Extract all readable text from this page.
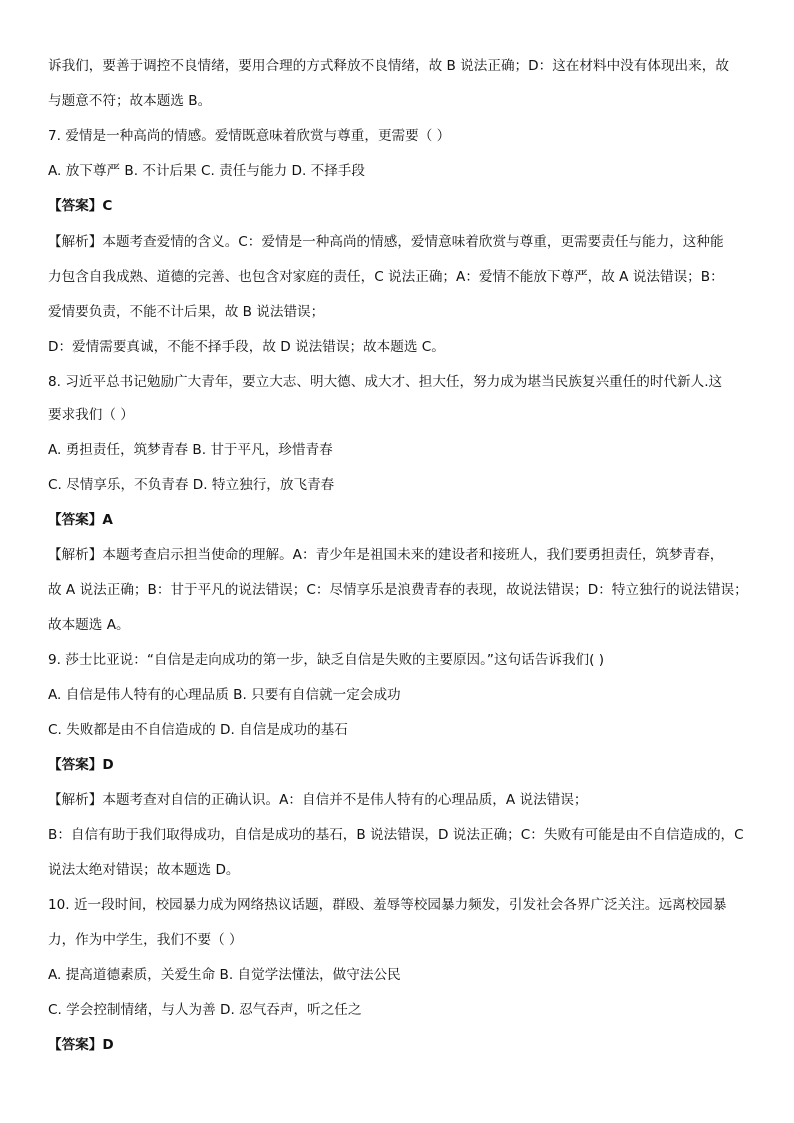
诉我们，要善于调控不良情绪，要用合理的方式释放不良情绪，故 B 说法正确；D：这在材料中没有体现出来，故
与题意不符；故本题选 B。
7. 爱情是一种高尚的情感。爱情既意味着欣赏与尊重，更需要（ ）
A. 放下尊严 B. 不计后果 C. 责任与能力 D. 不择手段
【答案】C
【解析】本题考查爱情的含义。C：爱情是一种高尚的情感，爱情意味着欣赏与尊重，更需要责任与能力，这种能
力包含自我成熟、道德的完善、也包含对家庭的责任，C 说法正确；A：爱情不能放下尊严，故 A 说法错误；B：
爱情要负责，不能不计后果，故 B 说法错误；
D：爱情需要真诚，不能不择手段，故 D 说法错误；故本题选 C。
8. 习近平总书记勉励广大青年，要立大志、明大德、成大才、担大任，努力成为堪当民族复兴重任的时代新人.这
要求我们（ ）
A. 勇担责任，筑梦青春 B. 甘于平凡，珍惜青春
C. 尽情享乐，不负青春 D. 特立独行，放飞青春
【答案】A
【解析】本题考查启示担当使命的理解。A：青少年是祖国未来的建设者和接班人，我们要勇担责任，筑梦青春，
故 A 说法正确；B：甘于平凡的说法错误；C：尽情享乐是浪费青春的表现，故说法错误；D：特立独行的说法错误；
故本题选 A。
9. 莎士比亚说：“自信是走向成功的第一步，缺乏自信是失败的主要原因。”这句话告诉我们( )
A. 自信是伟人特有的心理品质 B. 只要有自信就一定会成功
C. 失败都是由不自信造成的 D. 自信是成功的基石
【答案】D
【解析】本题考查对自信的正确认识。A：自信并不是伟人特有的心理品质，A 说法错误；
B：自信有助于我们取得成功，自信是成功的基石，B 说法错误，D 说法正确；C：失败有可能是由不自信造成的，C
说法太绝对错误；故本题选 D。
10. 近一段时间，校园暴力成为网络热议话题，群殴、羞辱等校园暴力频发，引发社会各界广泛关注。远离校园暴
力，作为中学生，我们不要（ ）
A. 提高道德素质，关爱生命 B. 自觉学法懂法，做守法公民
C. 学会控制情绪，与人为善 D. 忍气吞声，听之任之
【答案】D
